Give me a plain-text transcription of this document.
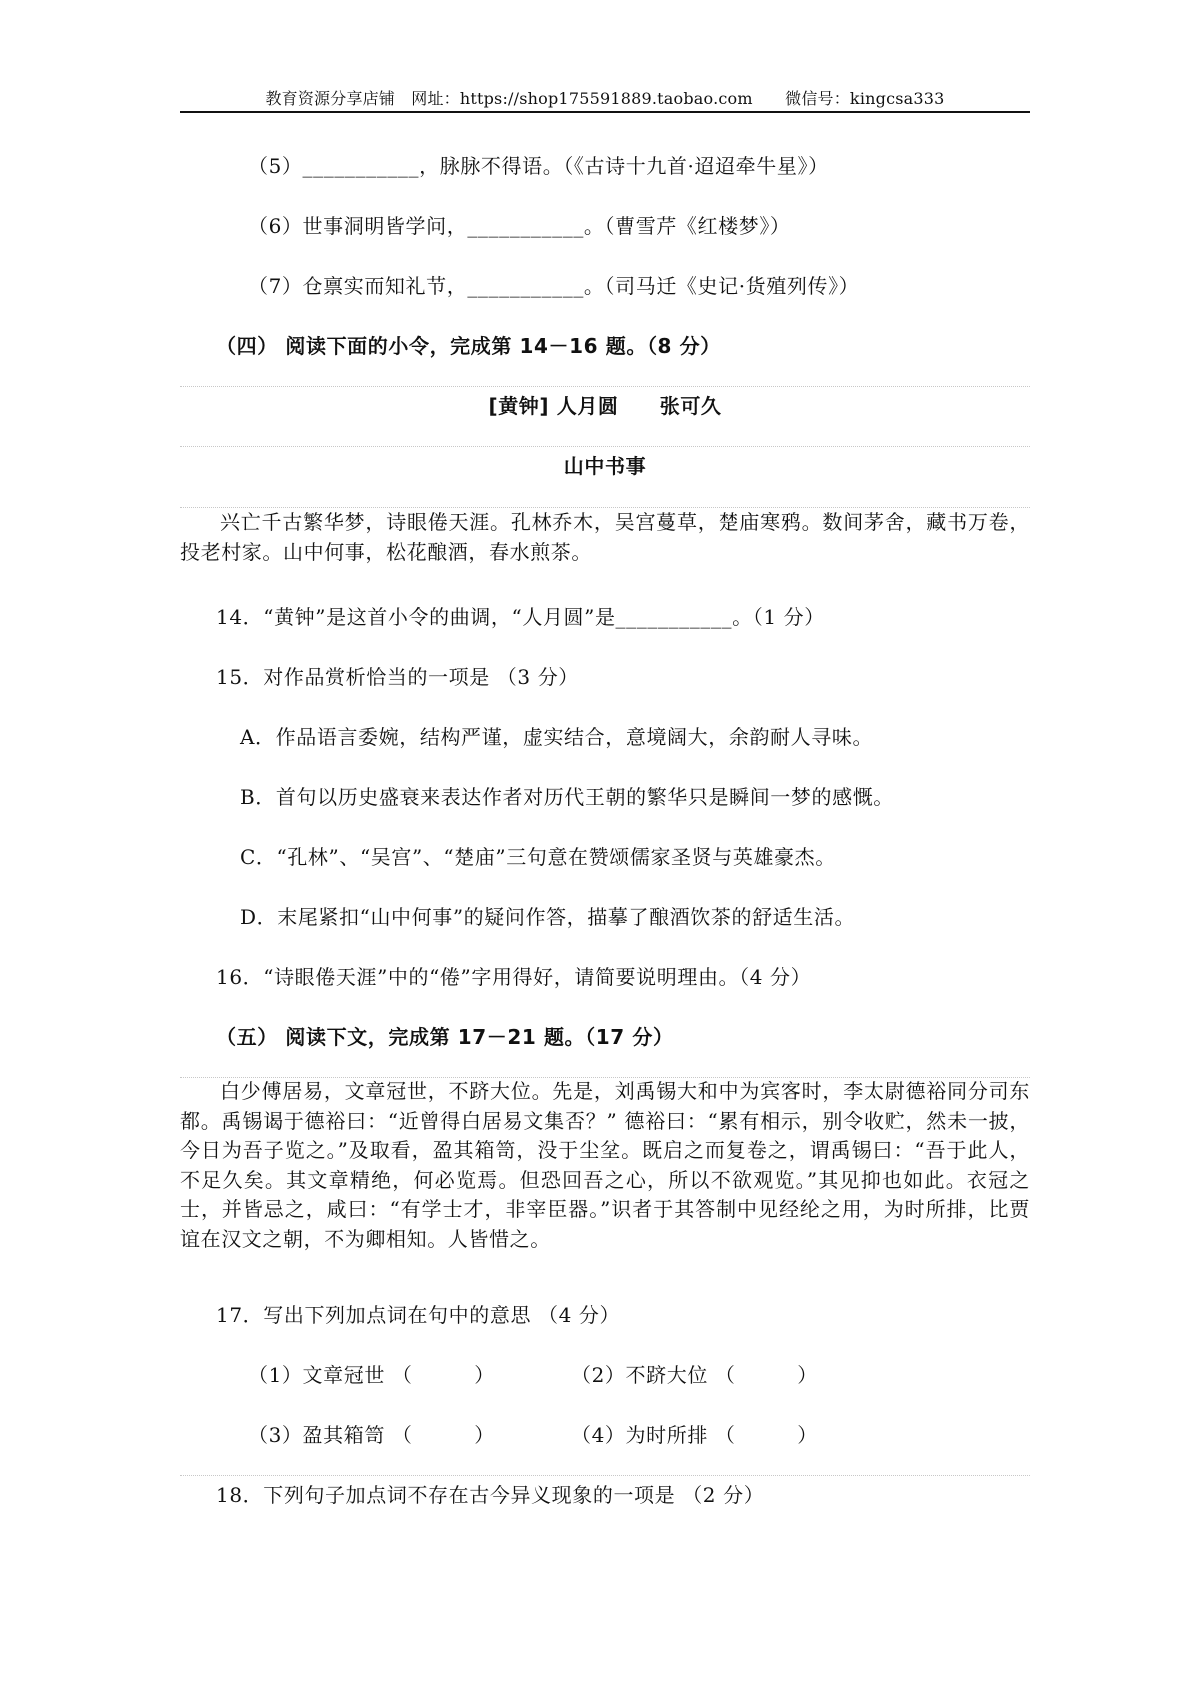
教育资源分享店铺　网址：https://shop175591889.taobao.com　　微信号：kingcsa333
（5）___________，脉脉不得语。（《古诗十九首·迢迢牵牛星》）
（6）世事洞明皆学问，___________。（曹雪芹《红楼梦》）
（7）仓禀实而知礼节，___________。（司马迁《史记·货殖列传》）
（四） 阅读下面的小令，完成第 14－16 题。（8 分）
[黄钟] 人月圆　　张可久
山中书事

兴亡千古繁华梦，诗眼倦天涯。孔林乔木，吴宫蔓草，楚庙寒鸦。数间茅舍，藏书万卷，投老村家。山中何事，松花酿酒，春水煎茶。

14．“黄钟”是这首小令的曲调，“人月圆”是___________。（1 分）
15．对作品赏析恰当的一项是 （3 分）
A．作品语言委婉，结构严谨，虚实结合，意境阔大，余韵耐人寻味。
B．首句以历史盛衰来表达作者对历代王朝的繁华只是瞬间一梦的感慨。
C．“孔林”、“吴宫”、“楚庙”三句意在赞颂儒家圣贤与英雄豪杰。
D．末尾紧扣“山中何事”的疑问作答，描摹了酿酒饮茶的舒适生活。
16．“诗眼倦天涯”中的“倦”字用得好，请简要说明理由。（4 分）
（五） 阅读下文，完成第 17－21 题。（17 分）

白少傅居易，文章冠世，不跻大位。先是，刘禹锡大和中为宾客时，李太尉德裕同分司东都。禹锡谒于德裕曰：“近曾得白居易文集否？” 德裕曰：“累有相示，别令收贮，然未一披，今日为吾子览之。”及取看，盈其箱笥，没于尘坌。既启之而复卷之，谓禹锡曰：“吾于此人，不足久矣。其文章精绝，何必览焉。但恐回吾之心，所以不欲观览。”其见抑也如此。衣冠之士，并皆忌之，咸曰：“有学士才，非宰臣器。”识者于其答制中见经纶之用，为时所排，比贾谊在汉文之朝，不为卿相知。人皆惜之。

17．写出下列加点词在句中的意思 （4 分）
（1）文章冠世 （　　　）	（2）不跻大位 （　　　）
（3）盈其箱笥 （　　　）	（4）为时所排 （　　　）
18．下列句子加点词不存在古今异义现象的一项是 （2 分）
